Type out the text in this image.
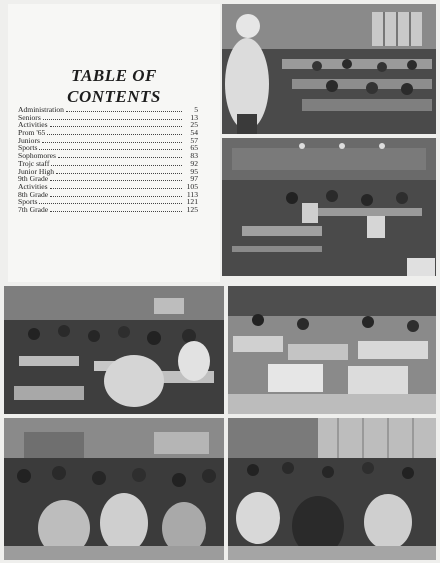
TABLE OF
CONTENTS
Administration	5
Seniors	13
Activities	25
Prom '65	54
Juniors	57
Sports	65
Sophomores	83
Trojc staff	92
Junior High	95
9th Grade	97
Activities	105
8th Grade	113
Sports	121
7th Grade	125
